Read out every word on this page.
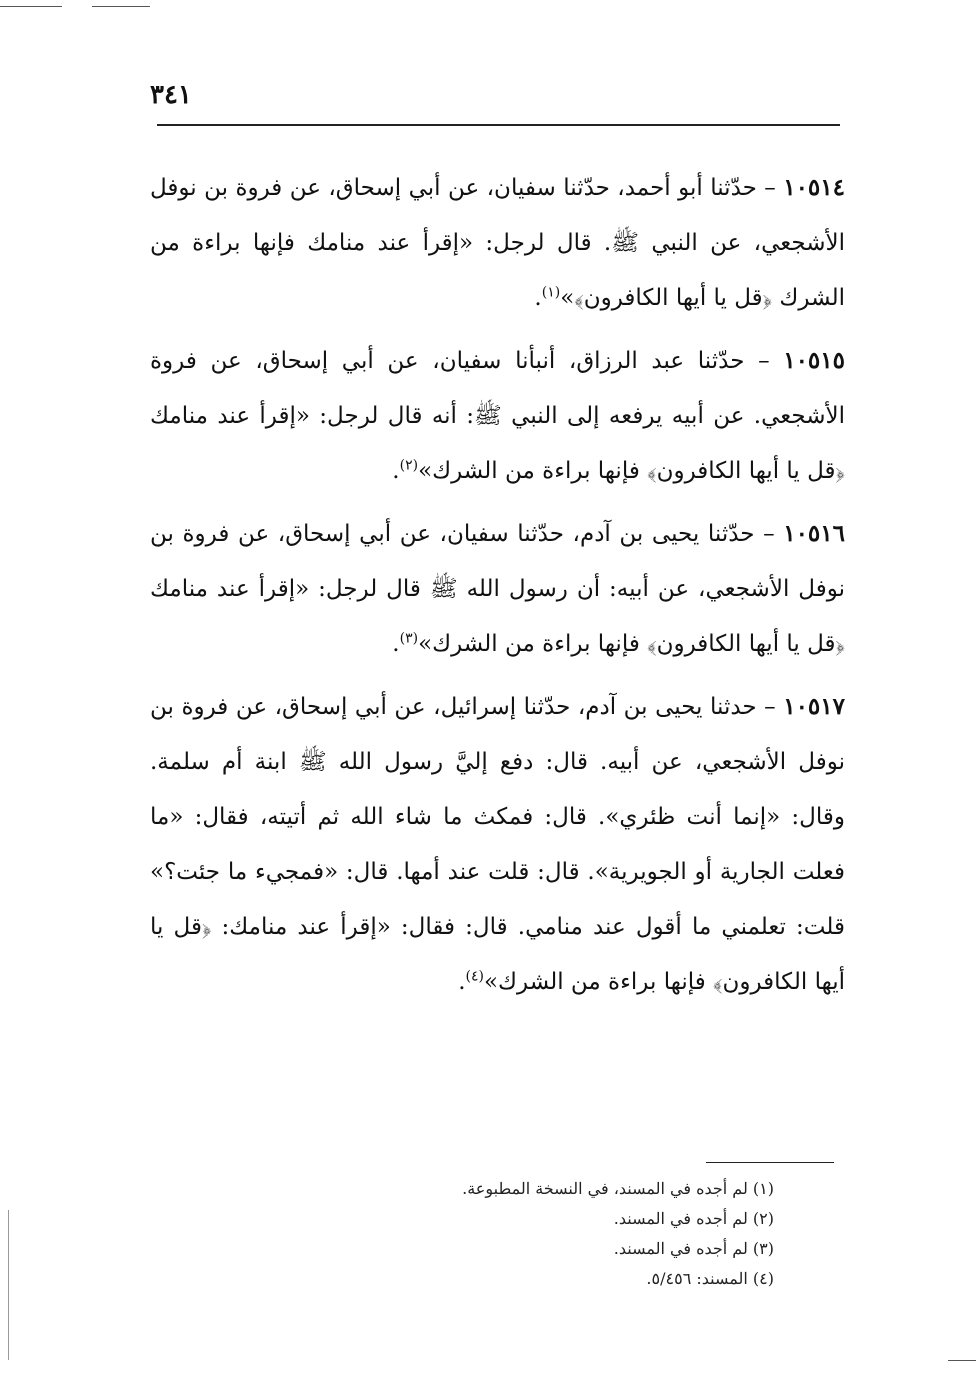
٣٤١

١٠٥١٤ – حدّثنا أبو أحمد، حدّثنا سفيان، عن أبي إسحاق، عن فروة بن نوفل الأشجعي، عن النبي ﷺ. قال لرجل: «إقرأ عند منامك فإنها براءة من الشرك ﴿قل يا أيها الكافرون﴾»$^{(١)}$.

١٠٥١٥ – حدّثنا عبد الرزاق، أنبأنا سفيان، عن أبي إسحاق، عن فروة الأشجعي. عن أبيه يرفعه إلى النبي ﷺ: أنه قال لرجل: «إقرأ عند منامك ﴿قل يا أيها الكافرون﴾ فإنها براءة من الشرك»$^{(٢)}$.

١٠٥١٦ – حدّثنا يحيى بن آدم، حدّثنا سفيان، عن أبي إسحاق، عن فروة بن نوفل الأشجعي، عن أبيه: أن رسول الله ﷺ قال لرجل: «إقرأ عند منامك ﴿قل يا أيها الكافرون﴾ فإنها براءة من الشرك»$^{(٣)}$.

١٠٥١٧ – حدثنا يحيى بن آدم، حدّثنا إسرائيل، عن أبي إسحاق، عن فروة بن نوفل الأشجعي، عن أبيه. قال: دفع إليَّ رسول الله ﷺ ابنة أم سلمة. وقال: «إنما أنت ظئري». قال: فمكث ما شاء الله ثم أتيته، فقال: «ما فعلت الجارية أو الجويرية». قال: قلت عند أمها. قال: «فمجيء ما جئت؟» قلت: تعلمني ما أقول عند منامي. قال: فقال: «إقرأ عند منامك: ﴿قل يا أيها الكافرون﴾ فإنها براءة من الشرك»$^{(٤)}$.

(١) لم أجده في المسند، في النسخة المطبوعة.

(٢) لم أجده في المسند.

(٣) لم أجده في المسند.

(٤) المسند: ٥/٤٥٦.
